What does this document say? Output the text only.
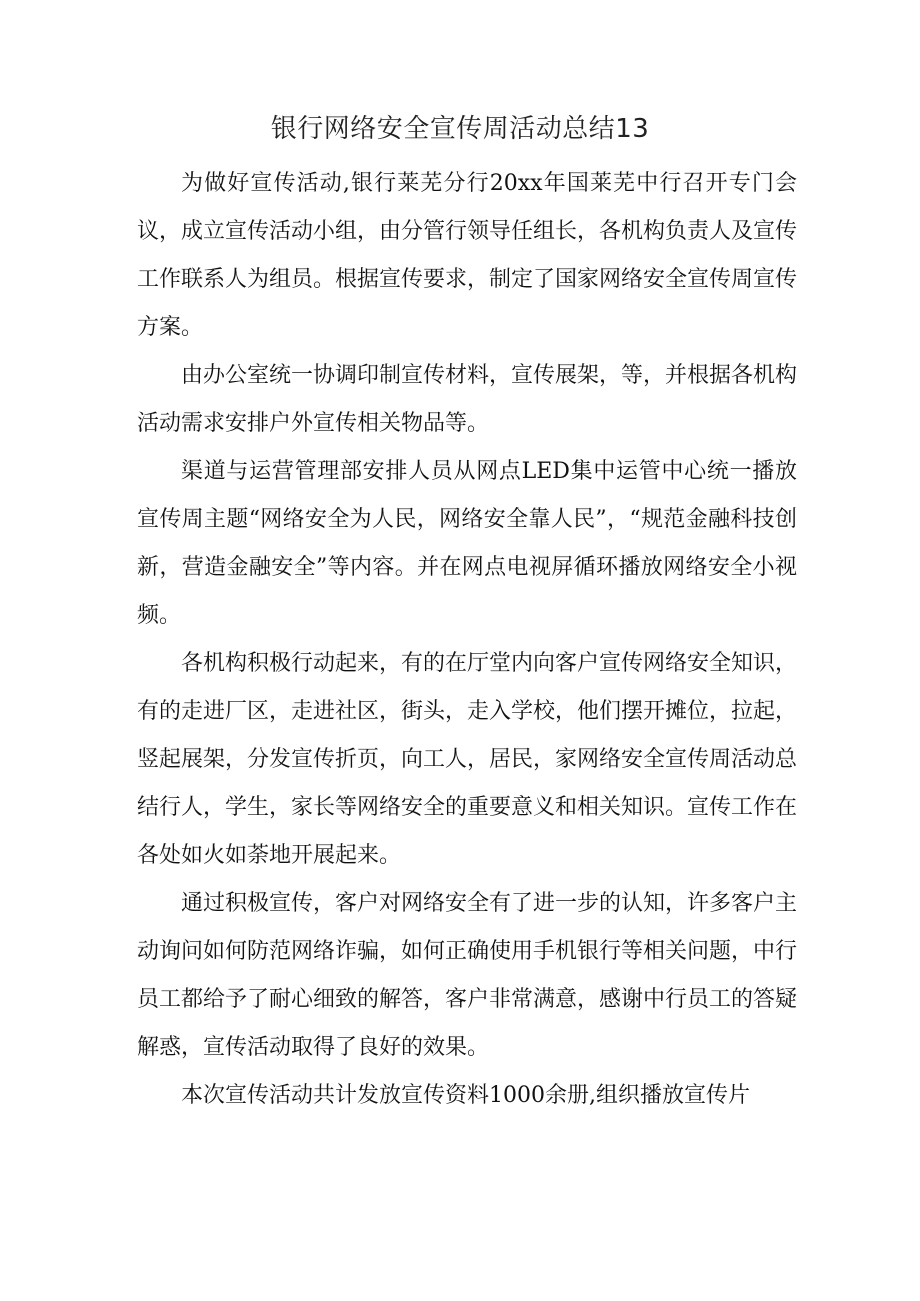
银行网络安全宣传周活动总结13

为做好宣传活动,银行莱芜分行20xx年国莱芜中行召开专门会议，成立宣传活动小组，由分管行领导任组长，各机构负责人及宣传工作联系人为组员。根据宣传要求，制定了国家网络安全宣传周宣传方案。

由办公室统一协调印制宣传材料，宣传展架，等，并根据各机构活动需求安排户外宣传相关物品等。

渠道与运营管理部安排人员从网点LED集中运管中心统一播放宣传周主题“网络安全为人民，网络安全靠人民”，“规范金融科技创新，营造金融安全”等内容。并在网点电视屏循环播放网络安全小视频。

各机构积极行动起来，有的在厅堂内向客户宣传网络安全知识，有的走进厂区，走进社区，街头，走入学校，他们摆开摊位，拉起，竖起展架，分发宣传折页，向工人，居民，家网络安全宣传周活动总结行人，学生，家长等网络安全的重要意义和相关知识。宣传工作在各处如火如荼地开展起来。

通过积极宣传，客户对网络安全有了进一步的认知，许多客户主动询问如何防范网络诈骗，如何正确使用手机银行等相关问题，中行员工都给予了耐心细致的解答，客户非常满意，感谢中行员工的答疑解惑，宣传活动取得了良好的效果。

本次宣传活动共计发放宣传资料1000余册,组织播放宣传片
